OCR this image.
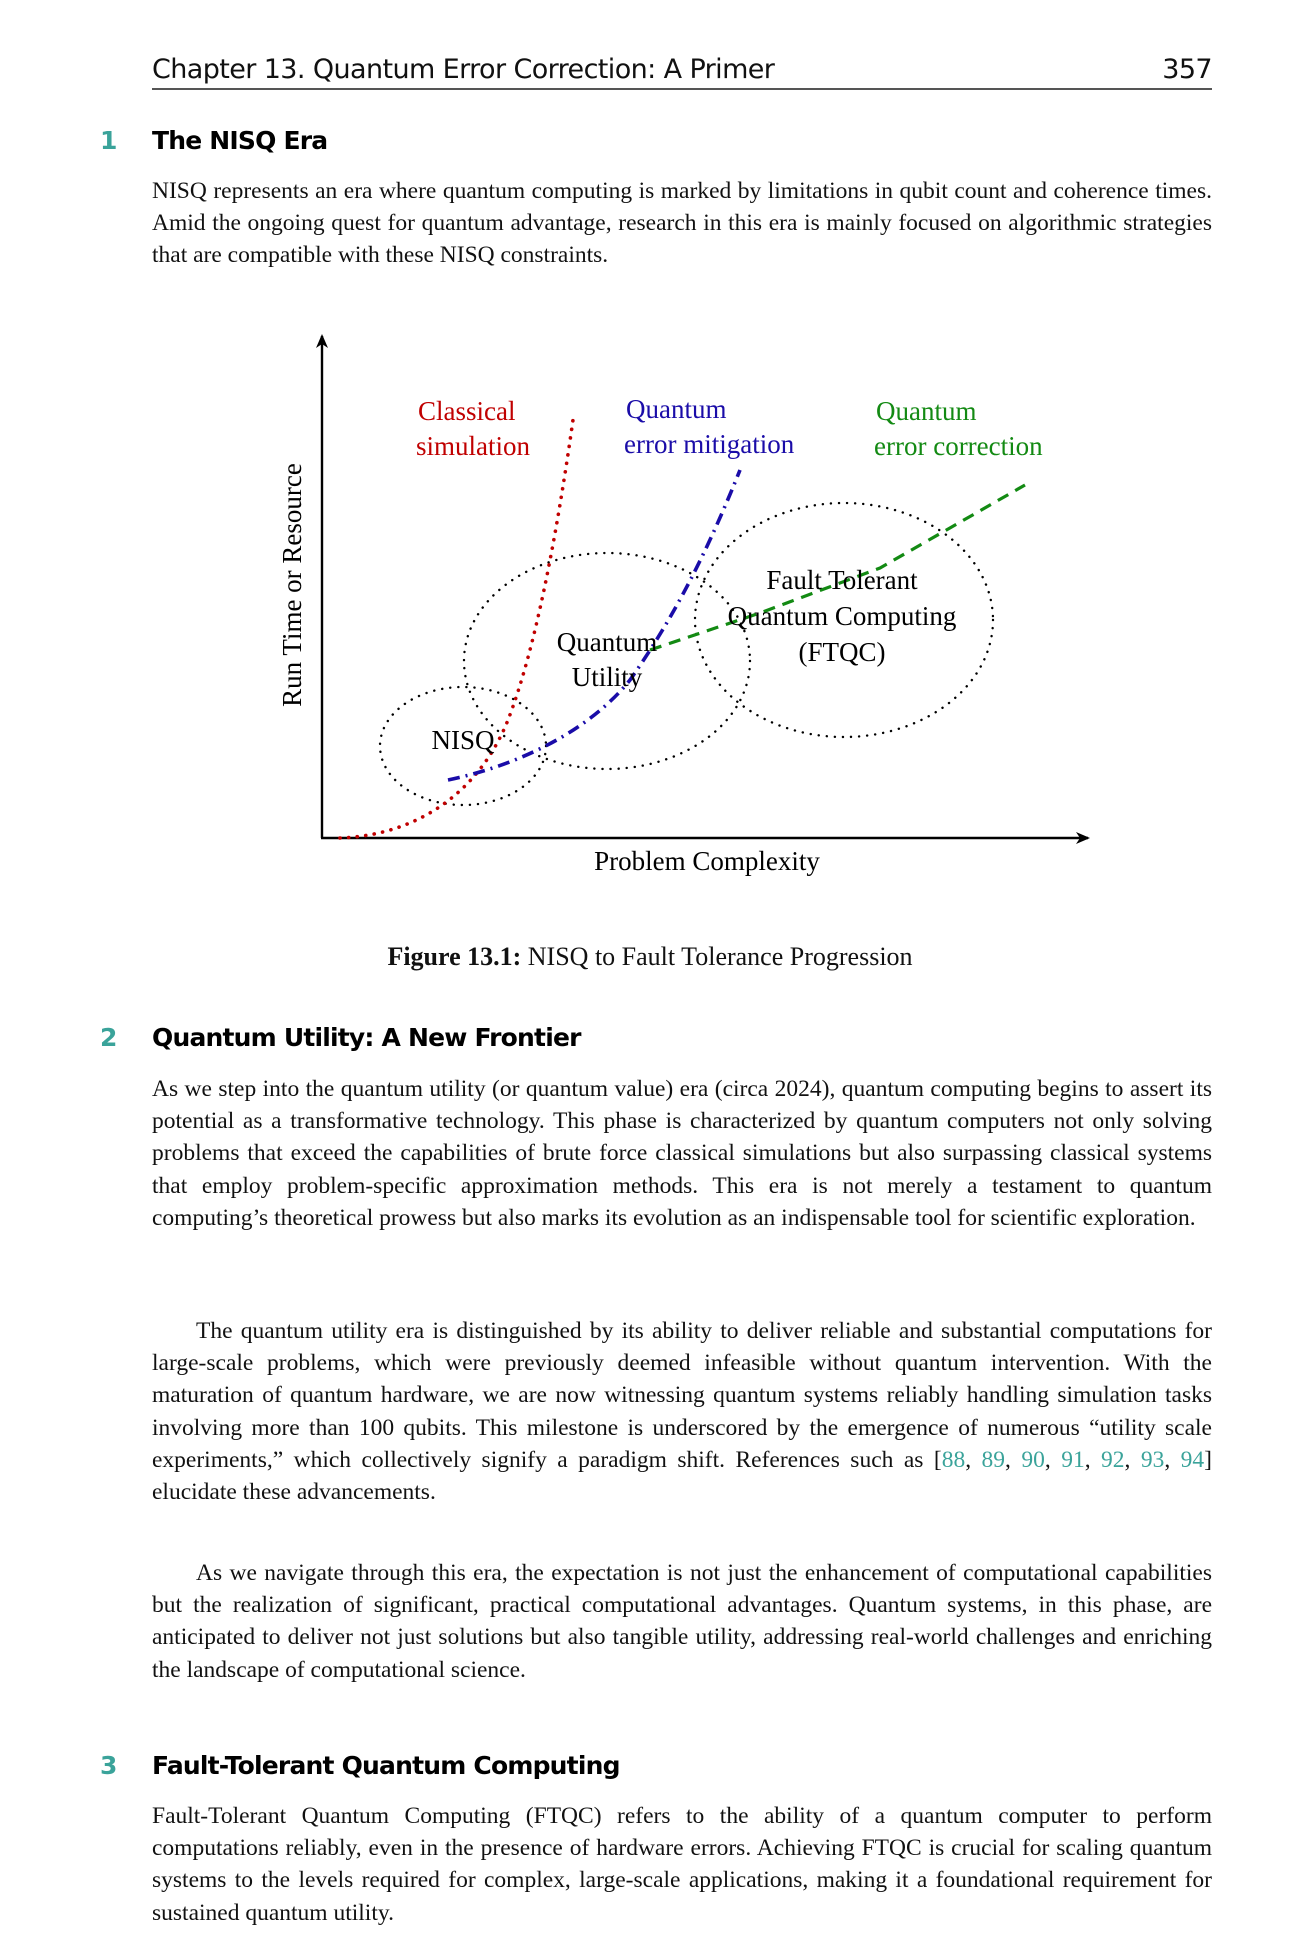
Chapter 13. Quantum Error Correction: A Primer	357
1 The NISQ Era
NISQ represents an era where quantum computing is marked by limitations in qubit count and coherence times. Amid the ongoing quest for quantum advantage, research in this era is mainly focused on algorithmic strategies that are compatible with these NISQ constraints.
Classical
simulation
Quantum
error mitigation
Quantum
error correction
NISQ
Quantum
Utility
Fault Tolerant
Quantum Computing
(FTQC)
Problem Complexity
Run Time or Resource
Figure 13.1: NISQ to Fault Tolerance Progression
2 Quantum Utility: A New Frontier
As we step into the quantum utility (or quantum value) era (circa 2024), quantum computing begins to assert its potential as a transformative technology. This phase is characterized by quantum computers not only solving problems that exceed the capabilities of brute force classical simulations but also surpassing classical systems that employ problem-specific approximation methods. This era is not merely a testament to quantum computing’s theoretical prowess but also marks its evolution as an indispensable tool for scientific exploration.
The quantum utility era is distinguished by its ability to deliver reliable and substantial computations for large-scale problems, which were previously deemed infeasible without quantum intervention. With the maturation of quantum hardware, we are now witnessing quantum systems reliably handling simulation tasks involving more than 100 qubits. This milestone is underscored by the emergence of numerous “utility scale experiments,” which collectively signify a paradigm shift. References such as [88, 89, 90, 91, 92, 93, 94] elucidate these advancements.
As we navigate through this era, the expectation is not just the enhancement of computational capabilities but the realization of significant, practical computational advantages. Quantum systems, in this phase, are anticipated to deliver not just solutions but also tangible utility, addressing real-world challenges and enriching the landscape of computational science.
3 Fault-Tolerant Quantum Computing
Fault-Tolerant Quantum Computing (FTQC) refers to the ability of a quantum computer to perform computations reliably, even in the presence of hardware errors. Achieving FTQC is crucial for scaling quantum systems to the levels required for complex, large-scale applications, making it a foundational requirement for sustained quantum utility.
